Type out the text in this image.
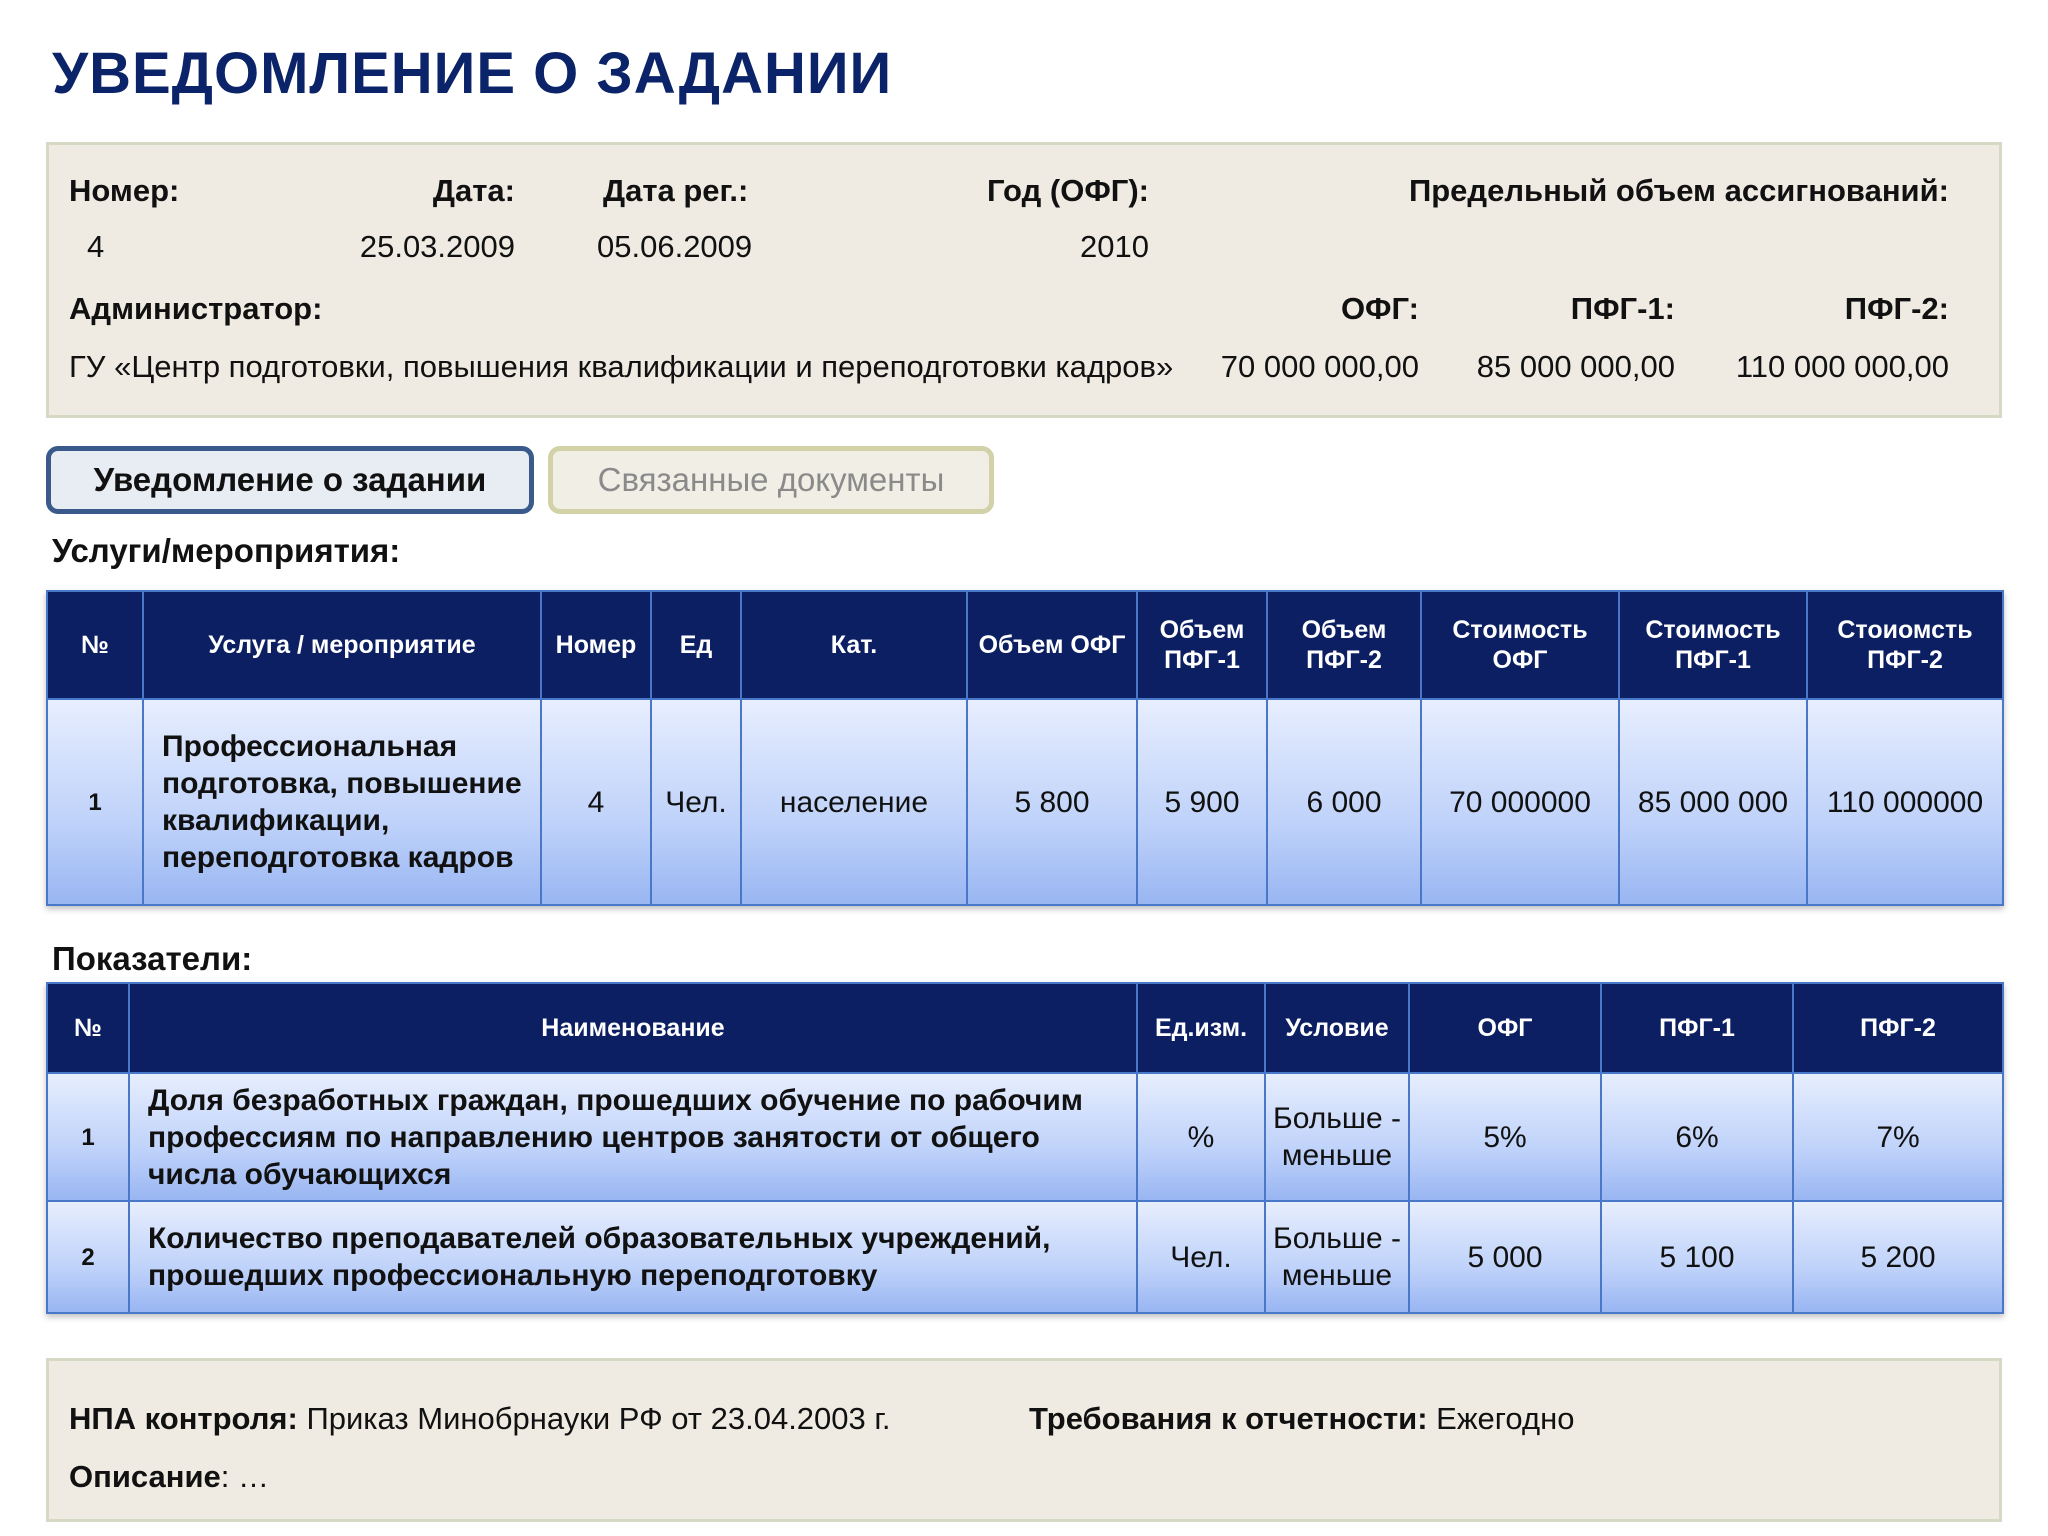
УВЕДОМЛЕНИЕ О ЗАДАНИИ
Номер:
4
Дата:
25.03.2009
Дата рег.:
05.06.2009
Год (ОФГ):
2010
Предельный объем ассигнований:
Администратор:
ГУ «Центр подготовки, повышения квалификации и переподготовки кадров»
ОФГ:
70 000 000,00
ПФГ-1:
85 000 000,00
ПФГ-2:
110 000 000,00
Уведомление о задании	Связанные документы
Услуги/мероприятия:
№	Услуга / мероприятие	Номер	Ед	Кат.	Объем ОФГ	Объем ПФГ-1	Объем ПФГ-2	Стоимость ОФГ	Стоимость ПФГ-1	Стоиомсть ПФГ-2
1	Профессиональная подготовка, повышение квалификации, переподготовка кадров	4	Чел.	население	5 800	5 900	6 000	70 000000	85 000 000	110 000000
Показатели:
№	Наименование	Ед.изм.	Условие	ОФГ	ПФГ-1	ПФГ-2
1	Доля безработных граждан, прошедших обучение по рабочим профессиям по направлению центров занятости от общего числа обучающихся	%	Больше - меньше	5%	6%	7%
2	Количество преподавателей образовательных учреждений, прошедших профессиональную переподготовку	Чел.	Больше - меньше	5 000	5 100	5 200
НПА контроля: Приказ Минобрнауки РФ от 23.04.2003 г.	Требования к отчетности: Ежегодно
Описание: …
